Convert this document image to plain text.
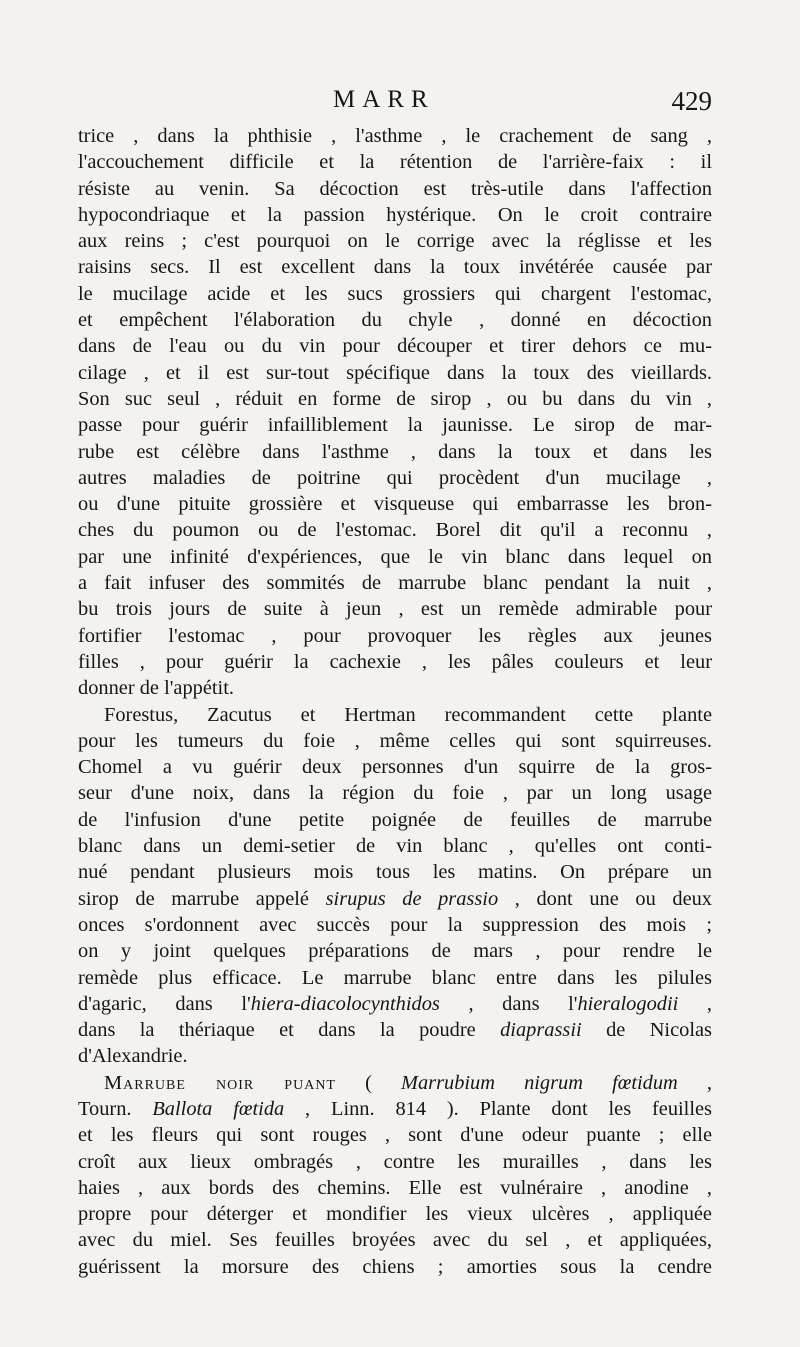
MARR	429
trice , dans la phthisie , l'asthme , le crachement de sang ,
l'accouchement difficile et la rétention de l'arrière-faix : il
résiste au venin. Sa décoction est très-utile dans l'affection
hypocondriaque et la passion hystérique. On le croit contraire
aux reins ; c'est pourquoi on le corrige avec la réglisse et les
raisins secs. Il est excellent dans la toux invétérée causée par
le mucilage acide et les sucs grossiers qui chargent l'estomac,
et empêchent l'élaboration du chyle , donné en décoction
dans de l'eau ou du vin pour découper et tirer dehors ce mu-
cilage , et il est sur-tout spécifique dans la toux des vieillards.
Son suc seul , réduit en forme de sirop , ou bu dans du vin ,
passe pour guérir infailliblement la jaunisse. Le sirop de mar-
rube est célèbre dans l'asthme , dans la toux et dans les
autres maladies de poitrine qui procèdent d'un mucilage ,
ou d'une pituite grossière et visqueuse qui embarrasse les bron-
ches du poumon ou de l'estomac. Borel dit qu'il a reconnu ,
par une infinité d'expériences, que le vin blanc dans lequel on
a fait infuser des sommités de marrube blanc pendant la nuit ,
bu trois jours de suite à jeun , est un remède admirable pour
fortifier l'estomac , pour provoquer les règles aux jeunes
filles , pour guérir la cachexie , les pâles couleurs et leur
donner de l'appétit.
Forestus, Zacutus et Hertman recommandent cette plante
pour les tumeurs du foie , même celles qui sont squirreuses.
Chomel a vu guérir deux personnes d'un squirre de la gros-
seur d'une noix, dans la région du foie , par un long usage
de l'infusion d'une petite poignée de feuilles de marrube
blanc dans un demi-setier de vin blanc , qu'elles ont conti-
nué pendant plusieurs mois tous les matins. On prépare un
sirop de marrube appelé sirupus de prassio , dont une ou deux
onces s'ordonnent avec succès pour la suppression des mois ;
on y joint quelques préparations de mars , pour rendre le
remède plus efficace. Le marrube blanc entre dans les pilules
d'agaric, dans l'hiera-diacolocynthidos , dans l'hieralogodii ,
dans la thériaque et dans la poudre diaprassii de Nicolas
d'Alexandrie.
Marrube noir puant ( Marrubium nigrum fœtidum ,
Tourn. Ballota fœtida , Linn. 814 ). Plante dont les feuilles
et les fleurs qui sont rouges , sont d'une odeur puante ; elle
croît aux lieux ombragés , contre les murailles , dans les
haies , aux bords des chemins. Elle est vulnéraire , anodine ,
propre pour déterger et mondifier les vieux ulcères , appliquée
avec du miel. Ses feuilles broyées avec du sel , et appliquées,
guérissent la morsure des chiens ; amorties sous la cendre
